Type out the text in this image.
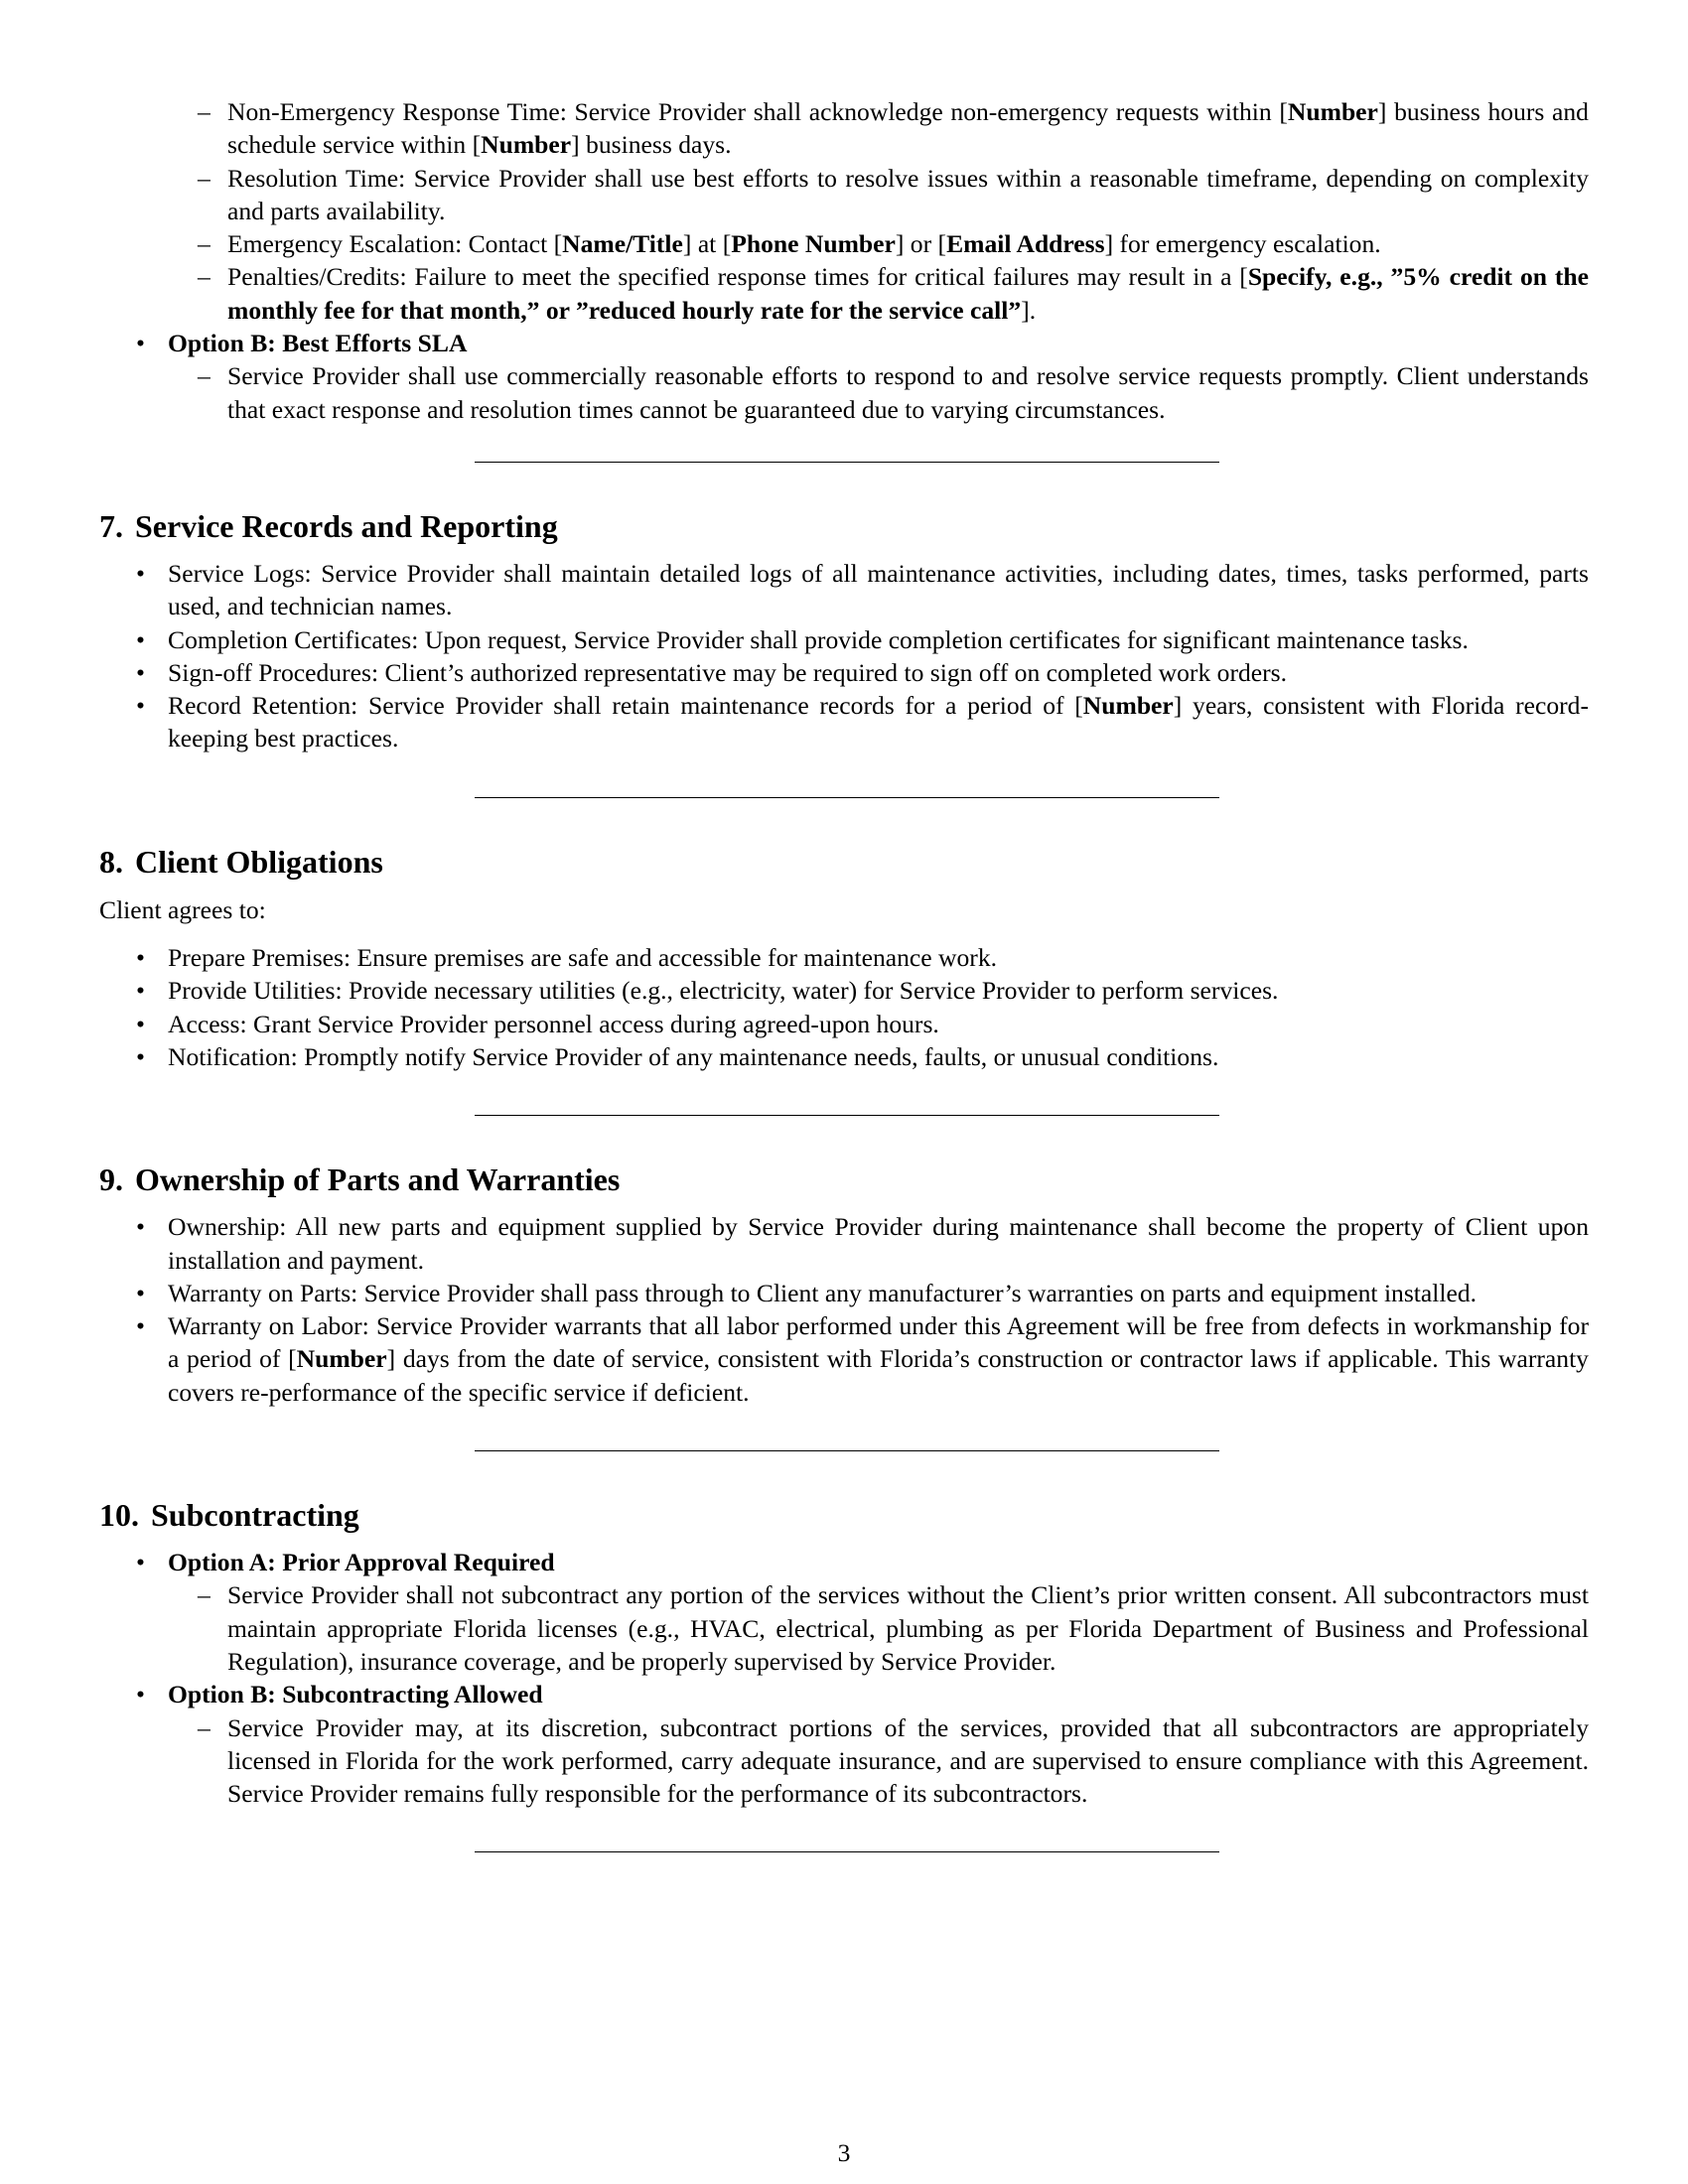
– Non-Emergency Response Time: Service Provider shall acknowledge non-emergency requests within [Number] business hours and schedule service within [Number] business days.
– Resolution Time: Service Provider shall use best efforts to resolve issues within a reasonable timeframe, depending on complexity and parts availability.
– Emergency Escalation: Contact [Name/Title] at [Phone Number] or [Email Address] for emergency escalation.
– Penalties/Credits: Failure to meet the specified response times for critical failures may result in a [Specify, e.g., ”5% credit on the monthly fee for that month,” or ”reduced hourly rate for the service call”].
• Option B: Best Efforts SLA
– Service Provider shall use commercially reasonable efforts to respond to and resolve service requests promptly. Client understands that exact response and resolution times cannot be guaranteed due to varying circumstances.
7. Service Records and Reporting
• Service Logs: Service Provider shall maintain detailed logs of all maintenance activities, including dates, times, tasks performed, parts used, and technician names.
• Completion Certificates: Upon request, Service Provider shall provide completion certificates for significant maintenance tasks.
• Sign-off Procedures: Client’s authorized representative may be required to sign off on completed work orders.
• Record Retention: Service Provider shall retain maintenance records for a period of [Number] years, consistent with Florida record-keeping best practices.
8. Client Obligations

Client agrees to:

• Prepare Premises: Ensure premises are safe and accessible for maintenance work.
• Provide Utilities: Provide necessary utilities (e.g., electricity, water) for Service Provider to perform services.
• Access: Grant Service Provider personnel access during agreed-upon hours.
• Notification: Promptly notify Service Provider of any maintenance needs, faults, or unusual conditions.
9. Ownership of Parts and Warranties
• Ownership: All new parts and equipment supplied by Service Provider during maintenance shall become the property of Client upon installation and payment.
• Warranty on Parts: Service Provider shall pass through to Client any manufacturer’s warranties on parts and equipment installed.
• Warranty on Labor: Service Provider warrants that all labor performed under this Agreement will be free from defects in workmanship for a period of [Number] days from the date of service, consistent with Florida’s construction or contractor laws if applicable. This warranty covers re-performance of the specific service if deficient.
10. Subcontracting
• Option A: Prior Approval Required
– Service Provider shall not subcontract any portion of the services without the Client’s prior written consent. All subcontractors must maintain appropriate Florida licenses (e.g., HVAC, electrical, plumbing as per Florida Department of Business and Professional Regulation), insurance coverage, and be properly supervised by Service Provider.
• Option B: Subcontracting Allowed
– Service Provider may, at its discretion, subcontract portions of the services, provided that all subcontractors are appropriately licensed in Florida for the work performed, carry adequate insurance, and are supervised to ensure compliance with this Agreement. Service Provider remains fully responsible for the performance of its subcontractors.
3
